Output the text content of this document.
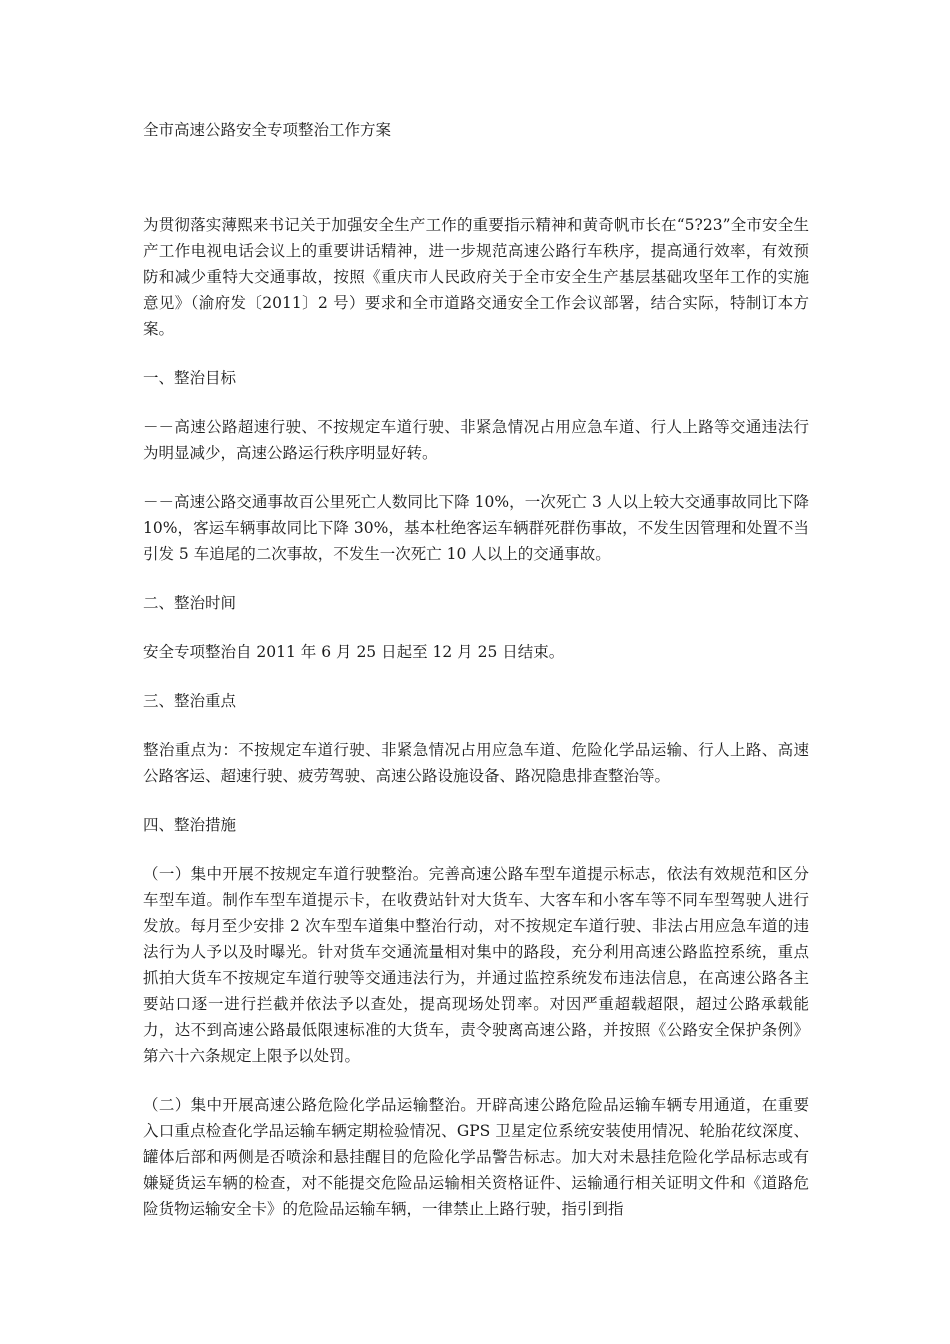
全市高速公路安全专项整治工作方案

为贯彻落实薄熙来书记关于加强安全生产工作的重要指示精神和黄奇帆市长在“5?23”全市安全生产工作电视电话会议上的重要讲话精神，进一步规范高速公路行车秩序，提高通行效率，有效预防和减少重特大交通事故，按照《重庆市人民政府关于全市安全生产基层基础攻坚年工作的实施意见》（渝府发〔2011〕2 号）要求和全市道路交通安全工作会议部署，结合实际，特制订本方案。

一、整治目标

－－高速公路超速行驶、不按规定车道行驶、非紧急情况占用应急车道、行人上路等交通违法行为明显减少，高速公路运行秩序明显好转。

－－高速公路交通事故百公里死亡人数同比下降 10%，一次死亡 3 人以上较大交通事故同比下降 10%，客运车辆事故同比下降 30%，基本杜绝客运车辆群死群伤事故，不发生因管理和处置不当引发 5 车追尾的二次事故，不发生一次死亡 10 人以上的交通事故。

二、整治时间

安全专项整治自 2011 年 6 月 25 日起至 12 月 25 日结束。

三、整治重点

整治重点为：不按规定车道行驶、非紧急情况占用应急车道、危险化学品运输、行人上路、高速公路客运、超速行驶、疲劳驾驶、高速公路设施设备、路况隐患排查整治等。

四、整治措施

（一）集中开展不按规定车道行驶整治。完善高速公路车型车道提示标志，依法有效规范和区分车型车道。制作车型车道提示卡，在收费站针对大货车、大客车和小客车等不同车型驾驶人进行发放。每月至少安排 2 次车型车道集中整治行动，对不按规定车道行驶、非法占用应急车道的违法行为人予以及时曝光。针对货车交通流量相对集中的路段，充分利用高速公路监控系统，重点抓拍大货车不按规定车道行驶等交通违法行为，并通过监控系统发布违法信息，在高速公路各主要站口逐一进行拦截并依法予以查处，提高现场处罚率。对因严重超载超限，超过公路承载能力，达不到高速公路最低限速标准的大货车，责令驶离高速公路，并按照《公路安全保护条例》第六十六条规定上限予以处罚。

（二）集中开展高速公路危险化学品运输整治。开辟高速公路危险品运输车辆专用通道，在重要入口重点检查化学品运输车辆定期检验情况、GPS 卫星定位系统安装使用情况、轮胎花纹深度、罐体后部和两侧是否喷涂和悬挂醒目的危险化学品警告标志。加大对未悬挂危险化学品标志或有嫌疑货运车辆的检查，对不能提交危险品运输相关资格证件、运输通行相关证明文件和《道路危险货物运输安全卡》的危险品运输车辆，一律禁止上路行驶，指引到指
